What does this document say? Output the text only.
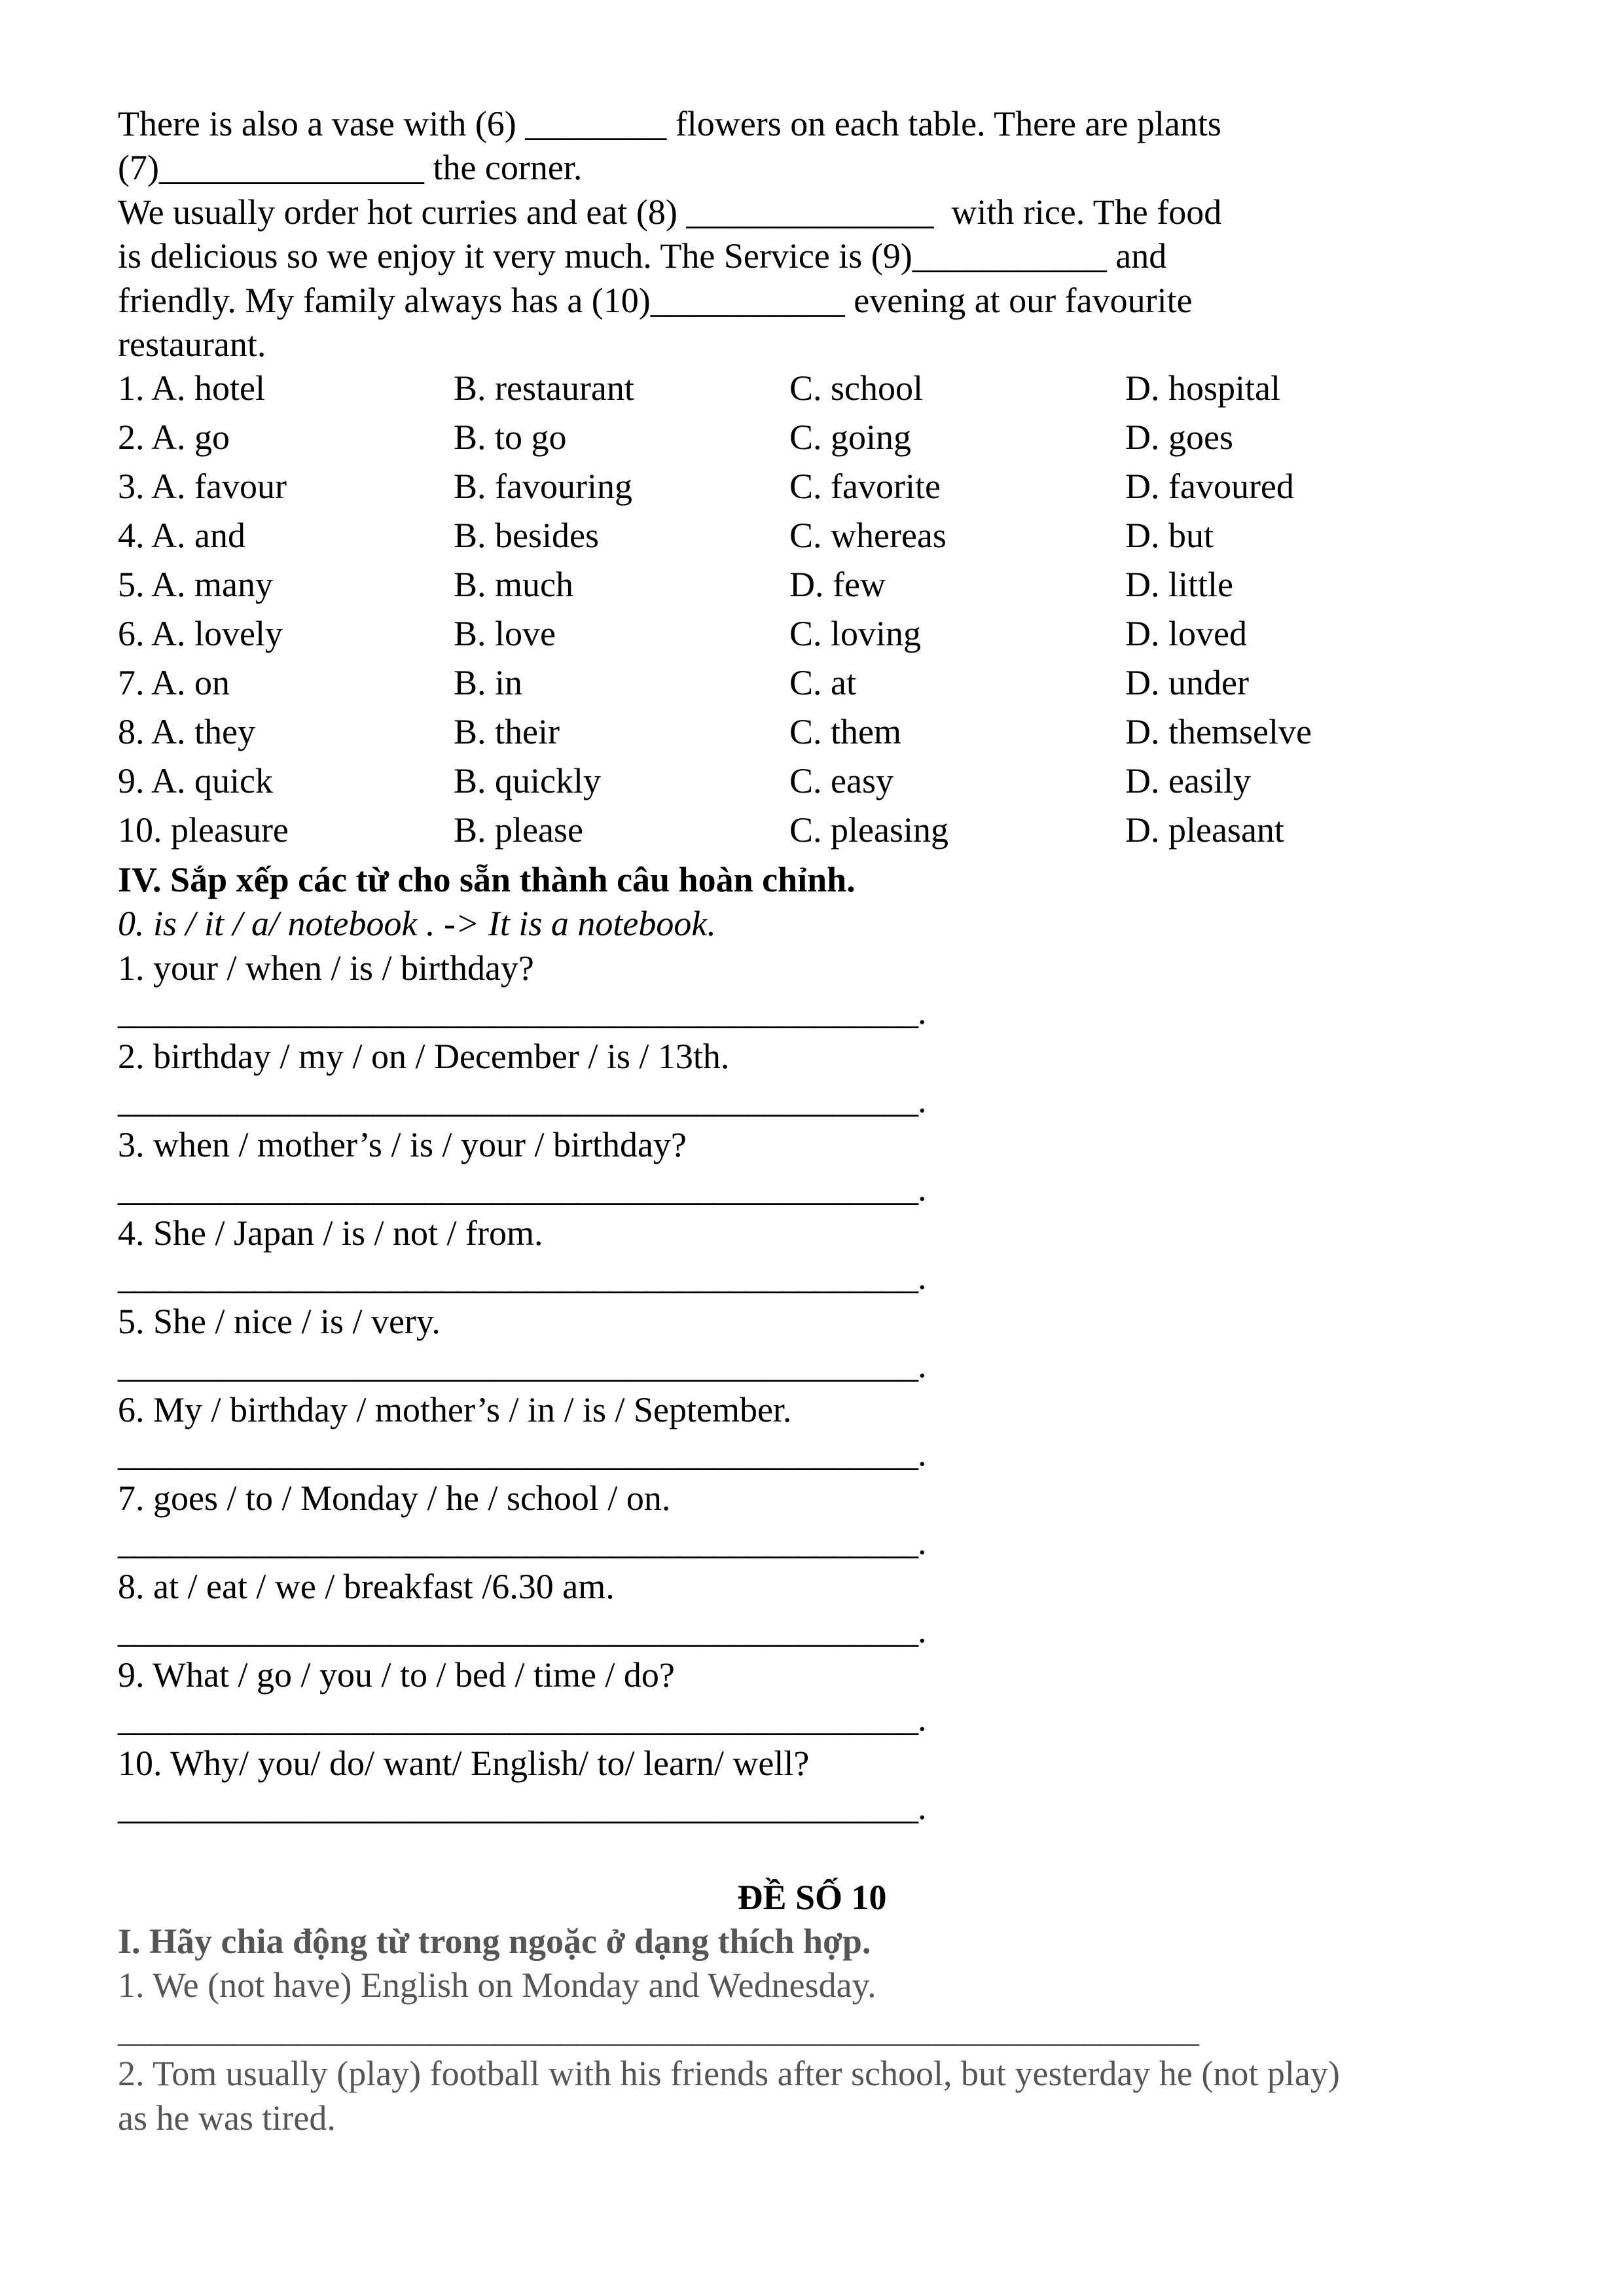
There is also a vase with (6) ________ flowers on each table. There are plants
(7)_______________ the corner.
We usually order hot curries and eat (8) ______________  with rice. The food
is delicious so we enjoy it very much. The Service is (9)___________ and
friendly. My family always has a (10)___________ evening at our favourite
restaurant.
1. A. hotel	B. restaurant	C. school	D. hospital
2. A. go	B. to go	C. going	D. goes
3. A. favour	B. favouring	C. favorite	D. favoured
4. A. and	B. besides	C. whereas	D. but
5. A. many	B. much	D. few	D. little
6. A. lovely	B. love	C. loving	D. loved
7. A. on	B. in	C. at	D. under
8. A. they	B. their	C. them	D. themselve
9. A. quick	B. quickly	C. easy	D. easily
10. pleasure	B. please	C. pleasing	D. pleasant
IV. Sắp xếp các từ cho sẵn thành câu hoàn chỉnh.
0. is / it / a/ notebook . -> It is a notebook.
1. your / when / is / birthday?
_______________________________________________.
2. birthday / my / on / December / is / 13th.
_______________________________________________.
3. when / mother’s / is / your / birthday?
_______________________________________________.
4. She / Japan / is / not / from.
_______________________________________________.
5. She / nice / is / very.
_______________________________________________.
6. My / birthday / mother’s / in / is / September.
_______________________________________________.
7. goes / to / Monday / he / school / on.
_______________________________________________.
8. at / eat / we / breakfast /6.30 am.
_______________________________________________.
9. What / go / you / to / bed / time / do?
_______________________________________________.
10. Why/ you/ do/ want/ English/ to/ learn/ well?
_______________________________________________.
ĐỀ SỐ 10
I. Hãy chia động từ trong ngoặc ở dạng thích hợp.
1. We (not have) English on Monday and Wednesday.
__________________________________________________________________
2. Tom usually (play) football with his friends after school, but yesterday he (not play)
as he was tired.
